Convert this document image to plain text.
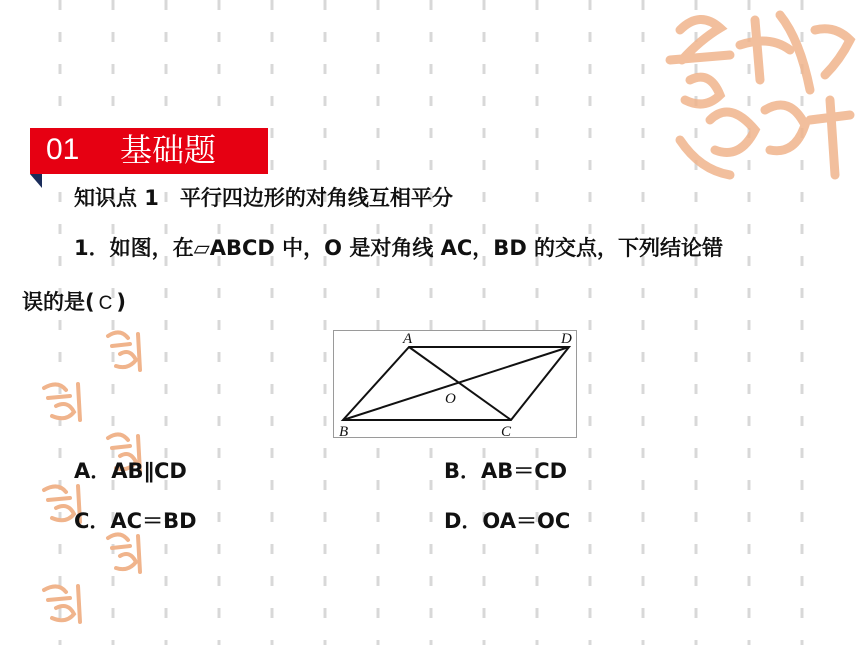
01 基础题
知识点 1　平行四边形的对角线互相平分
1．如图，在▱ABCD 中，O 是对角线 AC，BD 的交点，下列结论错
误的是( C )
A	D
B	C
O
A．AB∥CD	B．AB＝CD
C．AC＝BD	D．OA＝OC
